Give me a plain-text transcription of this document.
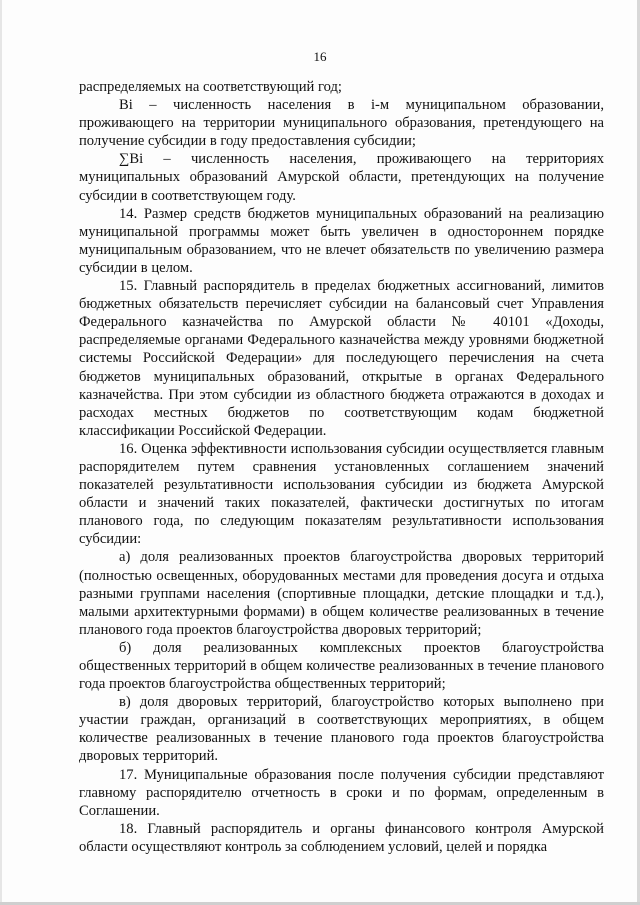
16

распределяемых на соответствующий год;

Bi – численность населения в i-м муниципальном образовании, проживающего на территории муниципального образования, претендующего на получение субсидии в году предоставления субсидии;

∑Bi – численность населения, проживающего на территориях муниципальных образований Амурской области, претендующих на получение субсидии в соответствующем году.

14. Размер средств бюджетов муниципальных образований на реализацию муниципальной программы может быть увеличен в одностороннем порядке муниципальным образованием, что не влечет обязательств по увеличению размера субсидии в целом.

15. Главный распорядитель в пределах бюджетных ассигнований, лимитов бюджетных обязательств перечисляет субсидии на балансовый счет Управления Федерального казначейства по Амурской области № 40101 «Доходы, распределяемые органами Федерального казначейства между уровнями бюджетной системы Российской Федерации» для последующего перечисления на счета бюджетов муниципальных образований, открытые в органах Федерального казначейства. При этом субсидии из областного бюджета отражаются в доходах и расходах местных бюджетов по соответствующим кодам бюджетной классификации Российской Федерации.

16. Оценка эффективности использования субсидии осуществляется главным распорядителем путем сравнения установленных соглашением значений показателей результативности использования субсидии из бюджета Амурской области и значений таких показателей, фактически достигнутых по итогам планового года, по следующим показателям результативности использования субсидии:

а) доля реализованных проектов благоустройства дворовых территорий (полностью освещенных, оборудованных местами для проведения досуга и отдыха разными группами населения (спортивные площадки, детские площадки и т.д.), малыми архитектурными формами) в общем количестве реализованных в течение планового года проектов благоустройства дворовых территорий;

б) доля реализованных комплексных проектов благоустройства общественных территорий в общем количестве реализованных в течение планового года проектов благоустройства общественных территорий;

в) доля дворовых территорий, благоустройство которых выполнено при участии граждан, организаций в соответствующих мероприятиях, в общем количестве реализованных в течение планового года проектов благоустройства дворовых территорий.

17. Муниципальные образования после получения субсидии представляют главному распорядителю отчетность в сроки и по формам, определенным в Соглашении.

18. Главный распорядитель и органы финансового контроля Амурской области осуществляют контроль за соблюдением условий, целей и порядка
